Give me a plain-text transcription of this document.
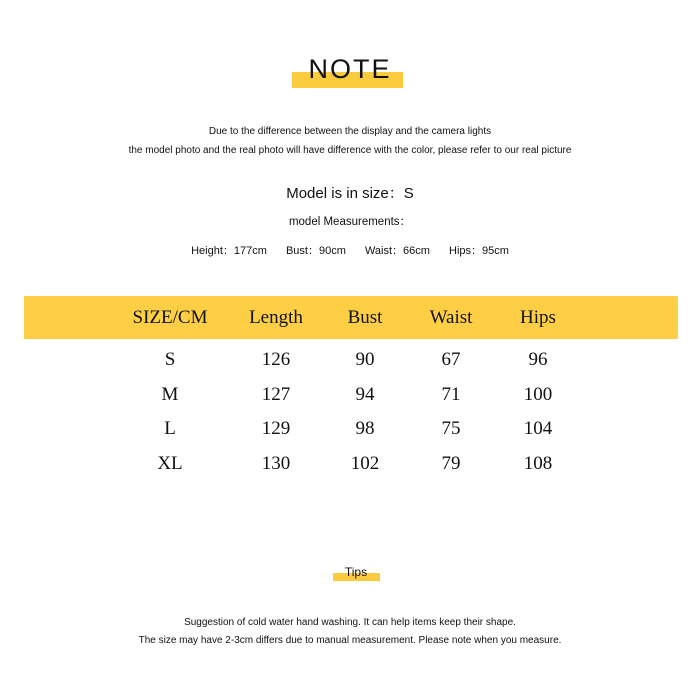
NOTE
Due to the difference between the display and the camera lights
the model photo and the real photo will have difference with the color, please refer to our real picture
Model is in size：S
model Measurements：
Height：177cm Bust：90cm Waist：66cm Hips：95cm
SIZE/CM	Length	Bust	Waist	Hips
S	126	90	67	96
M	127	94	71	100
L	129	98	75	104
XL	130	102	79	108
Tips
Suggestion of cold water hand washing. It can help items keep their shape.
The size may have 2-3cm differs due to manual measurement. Please note when you measure.
